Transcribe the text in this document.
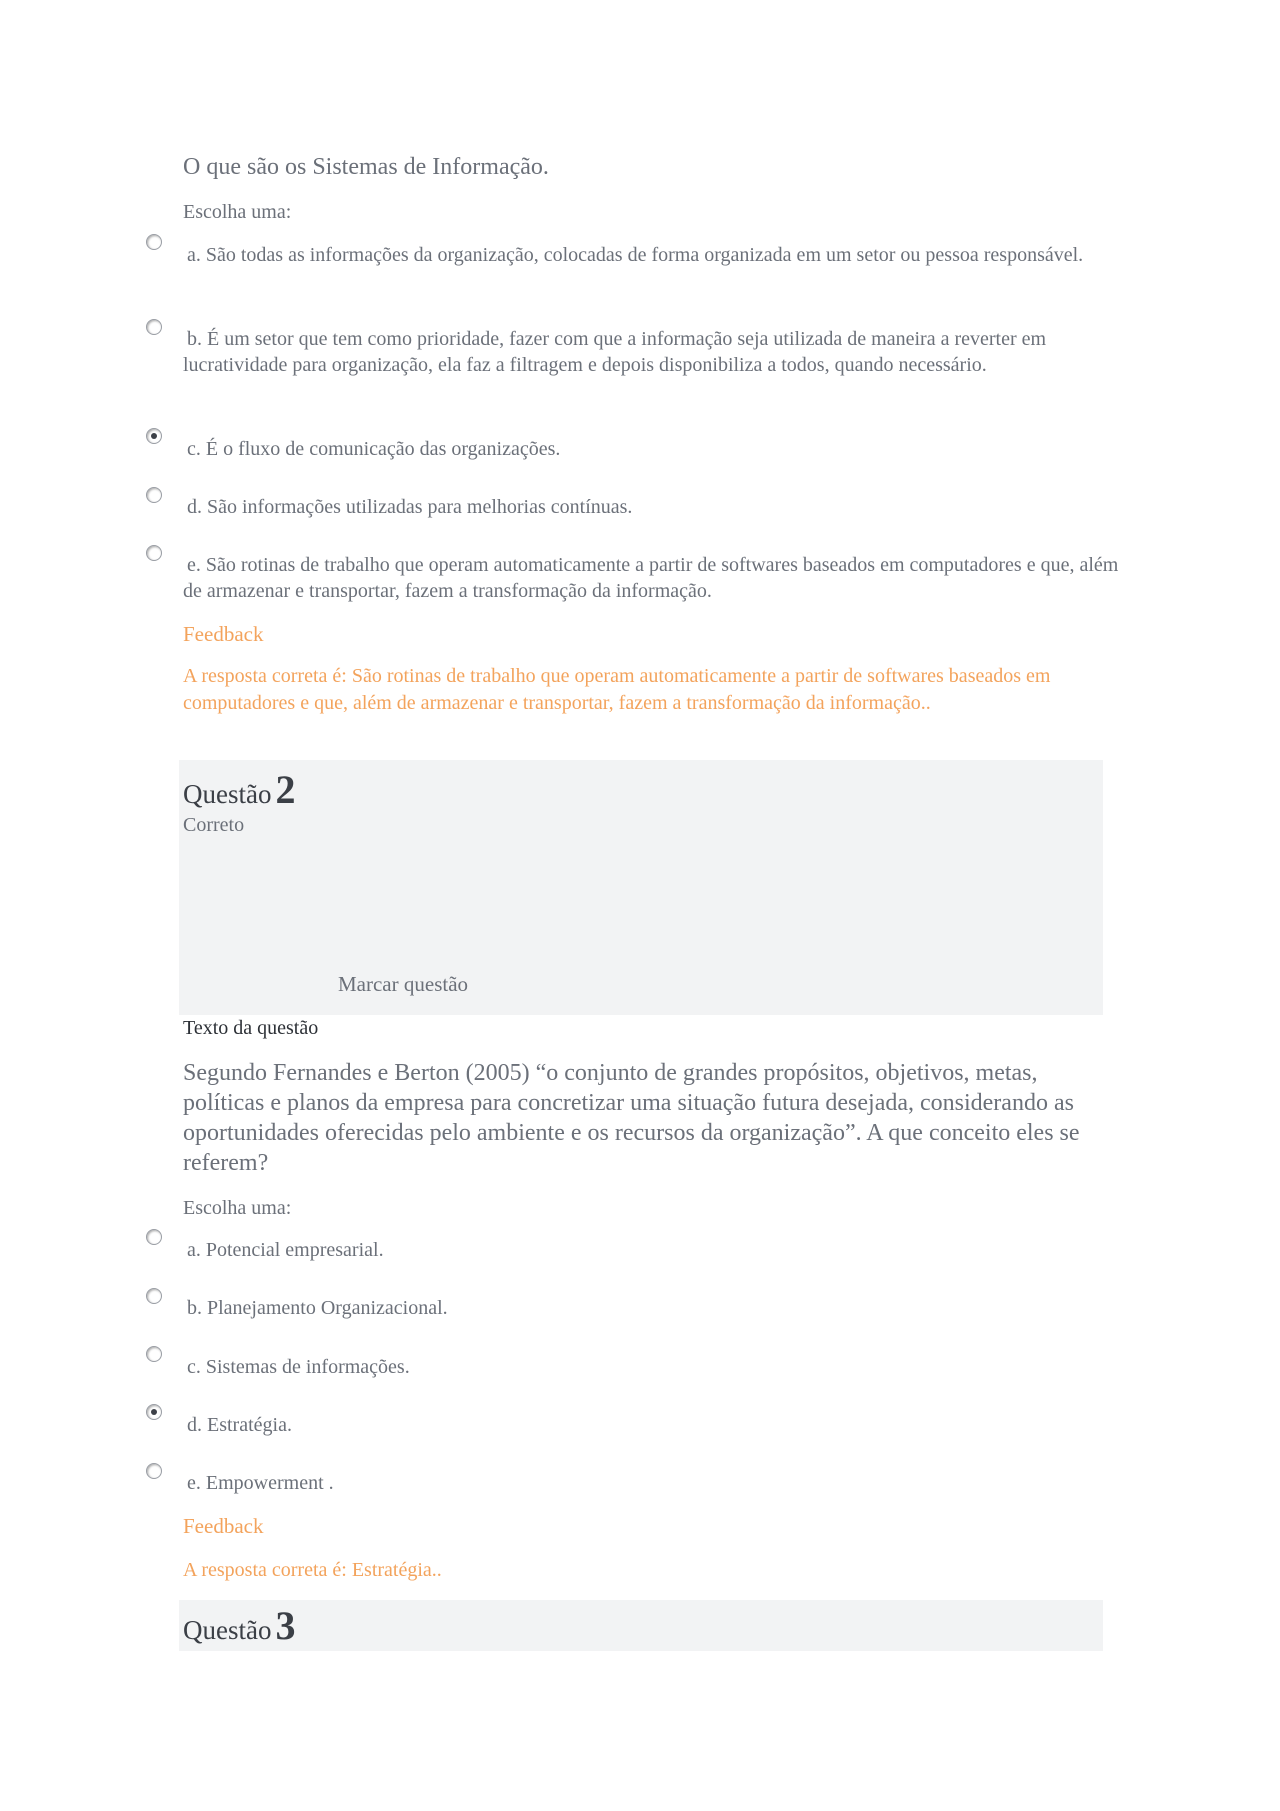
O que são os Sistemas de Informação.
Escolha uma:
a. São todas as informações da organização, colocadas de forma organizada em um setor ou pessoa responsável.
b. É um setor que tem como prioridade, fazer com que a informação seja utilizada de maneira a reverter em lucratividade para organização, ela faz a filtragem e depois disponibiliza a todos, quando necessário.
c. É o fluxo de comunicação das organizações.
d. São informações utilizadas para melhorias contínuas.
e. São rotinas de trabalho que operam automaticamente a partir de softwares baseados em computadores e que, além de armazenar e transportar, fazem a transformação da informação.
Feedback
A resposta correta é: São rotinas de trabalho que operam automaticamente a partir de softwares baseados em computadores e que, além de armazenar e transportar, fazem a transformação da informação..
Questão 2
Correto
Marcar questão
Texto da questão
Segundo Fernandes e Berton (2005) “o conjunto de grandes propósitos, objetivos, metas, políticas e planos da empresa para concretizar uma situação futura desejada, considerando as oportunidades oferecidas pelo ambiente e os recursos da organização”. A que conceito eles se referem?
Escolha uma:
a. Potencial empresarial.
b. Planejamento Organizacional.
c. Sistemas de informações.
d. Estratégia.
e. Empowerment .
Feedback
A resposta correta é: Estratégia..
Questão 3
